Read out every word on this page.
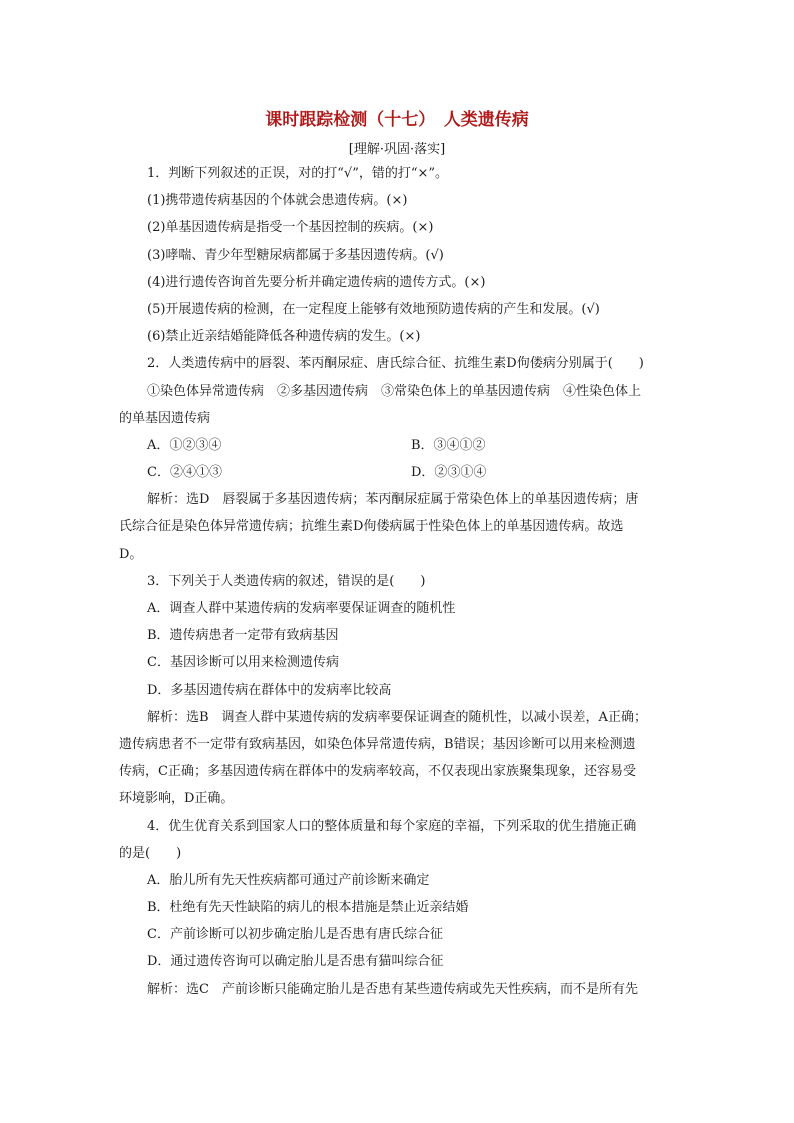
课时跟踪检测（十七）　人类遗传病
[理解·巩固·落实]
1．判断下列叙述的正误，对的打“√”，错的打“×”。
(1)携带遗传病基因的个体就会患遗传病。(×)
(2)单基因遗传病是指受一个基因控制的疾病。(×)
(3)哮喘、青少年型糖尿病都属于多基因遗传病。(√)
(4)进行遗传咨询首先要分析并确定遗传病的遗传方式。(×)
(5)开展遗传病的检测，在一定程度上能够有效地预防遗传病的产生和发展。(√)
(6)禁止近亲结婚能降低各种遗传病的发生。(×)
2．人类遗传病中的唇裂、苯丙酮尿症、唐氏综合征、抗维生素D佝偻病分别属于(　　)
①染色体异常遗传病　②多基因遗传病　③常染色体上的单基因遗传病　④性染色体上
的单基因遗传病
A．①②③④	B．③④①②
C．②④①③	D．②③①④
解析：选D　唇裂属于多基因遗传病；苯丙酮尿症属于常染色体上的单基因遗传病；唐
氏综合征是染色体异常遗传病；抗维生素D佝偻病属于性染色体上的单基因遗传病。故选
D。
3．下列关于人类遗传病的叙述，错误的是(　　)
A．调查人群中某遗传病的发病率要保证调查的随机性
B．遗传病患者一定带有致病基因
C．基因诊断可以用来检测遗传病
D．多基因遗传病在群体中的发病率比较高
解析：选B　调查人群中某遗传病的发病率要保证调查的随机性，以减小误差，A正确；
遗传病患者不一定带有致病基因，如染色体异常遗传病，B错误；基因诊断可以用来检测遗
传病，C正确；多基因遗传病在群体中的发病率较高，不仅表现出家族聚集现象，还容易受
环境影响，D正确。
4．优生优育关系到国家人口的整体质量和每个家庭的幸福，下列采取的优生措施正确
的是(　　)
A．胎儿所有先天性疾病都可通过产前诊断来确定
B．杜绝有先天性缺陷的病儿的根本措施是禁止近亲结婚
C．产前诊断可以初步确定胎儿是否患有唐氏综合征
D．通过遗传咨询可以确定胎儿是否患有猫叫综合征
解析：选C　产前诊断只能确定胎儿是否患有某些遗传病或先天性疾病，而不是所有先
